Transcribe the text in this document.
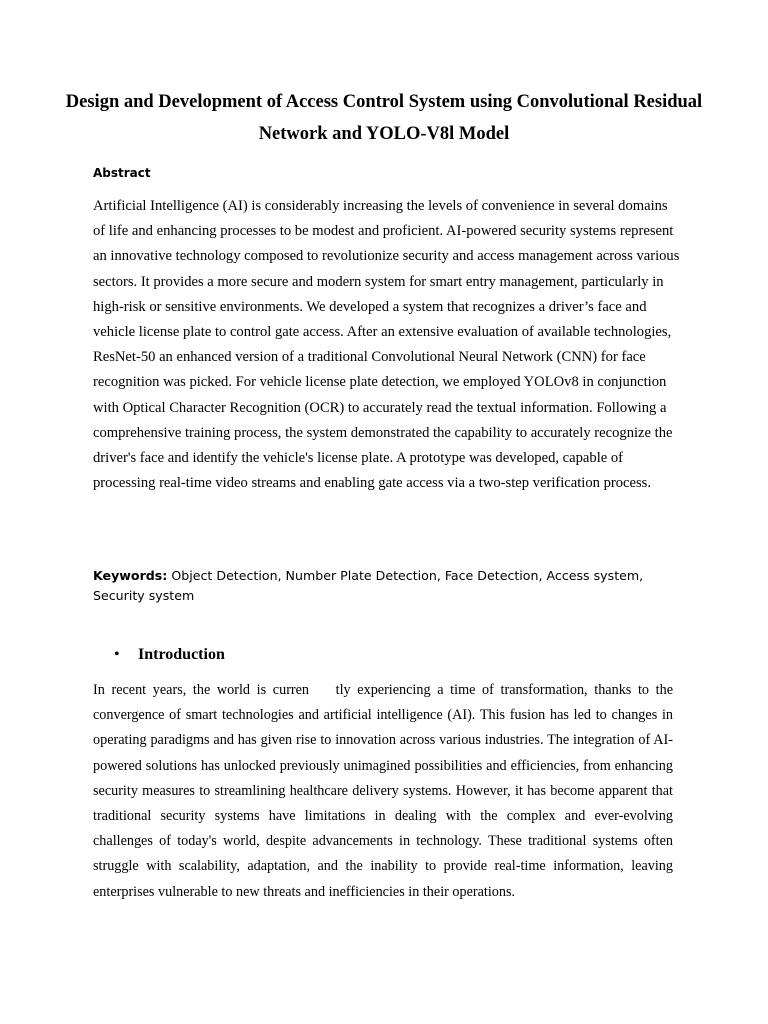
Design and Development of Access Control System using Convolutional Residual Network and YOLO-V8l Model

Abstract

Artificial Intelligence (AI) is considerably increasing the levels of convenience in several domains of life and enhancing processes to be modest and proficient. AI-powered security systems represent an innovative technology composed to revolutionize security and access management across various sectors. It provides a more secure and modern system for smart entry management, particularly in high-risk or sensitive environments. We developed a system that recognizes a driver’s face and vehicle license plate to control gate access. After an extensive evaluation of available technologies, ResNet-50 an enhanced version of a traditional Convolutional Neural Network (CNN) for face recognition was picked. For vehicle license plate detection, we employed YOLOv8 in conjunction with Optical Character Recognition (OCR) to accurately read the textual information. Following a comprehensive training process, the system demonstrated the capability to accurately recognize the driver's face and identify the vehicle's license plate. A prototype was developed, capable of processing real-time video streams and enabling gate access via a two-step verification process.

Keywords: Object Detection, Number Plate Detection, Face Detection, Access system, Security system

• Introduction

In recent years, the world is curren    tly experiencing a time of transformation, thanks to the convergence of smart technologies and artificial intelligence (AI). This fusion has led to changes in operating paradigms and has given rise to innovation across various industries. The integration of AI-powered solutions has unlocked previously unimagined possibilities and efficiencies, from enhancing security measures to streamlining healthcare delivery systems. However, it has become apparent that traditional security systems have limitations in dealing with the complex and ever-evolving challenges of today's world, despite advancements in technology. These traditional systems often struggle with scalability, adaptation, and the inability to provide real-time information, leaving enterprises vulnerable to new threats and inefficiencies in their operations.
